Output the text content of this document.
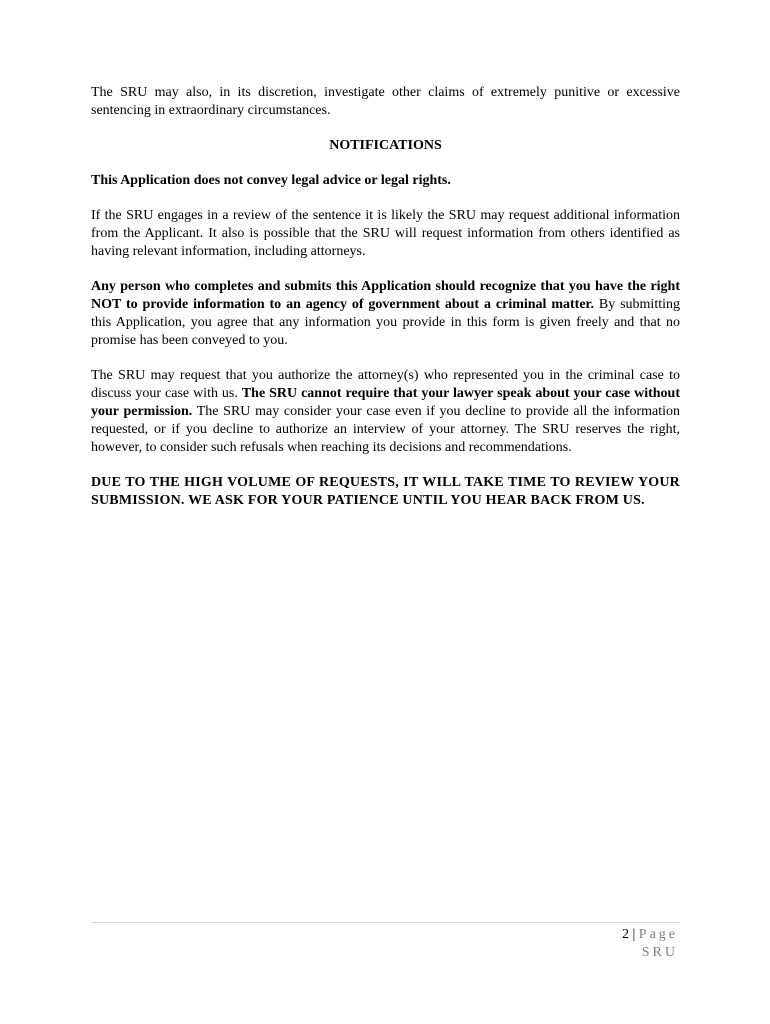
The SRU may also, in its discretion, investigate other claims of extremely punitive or excessive sentencing in extraordinary circumstances.

NOTIFICATIONS

This Application does not convey legal advice or legal rights.

If the SRU engages in a review of the sentence it is likely the SRU may request additional information from the Applicant. It also is possible that the SRU will request information from others identified as having relevant information, including attorneys.

Any person who completes and submits this Application should recognize that you have the right NOT to provide information to an agency of government about a criminal matter. By submitting this Application, you agree that any information you provide in this form is given freely and that no promise has been conveyed to you.

The SRU may request that you authorize the attorney(s) who represented you in the criminal case to discuss your case with us. The SRU cannot require that your lawyer speak about your case without your permission. The SRU may consider your case even if you decline to provide all the information requested, or if you decline to authorize an interview of your attorney. The SRU reserves the right, however, to consider such refusals when reaching its decisions and recommendations.

DUE TO THE HIGH VOLUME OF REQUESTS, IT WILL TAKE TIME TO REVIEW YOUR SUBMISSION. WE ASK FOR YOUR PATIENCE UNTIL YOU HEAR BACK FROM US.

2 | Page
SRU
